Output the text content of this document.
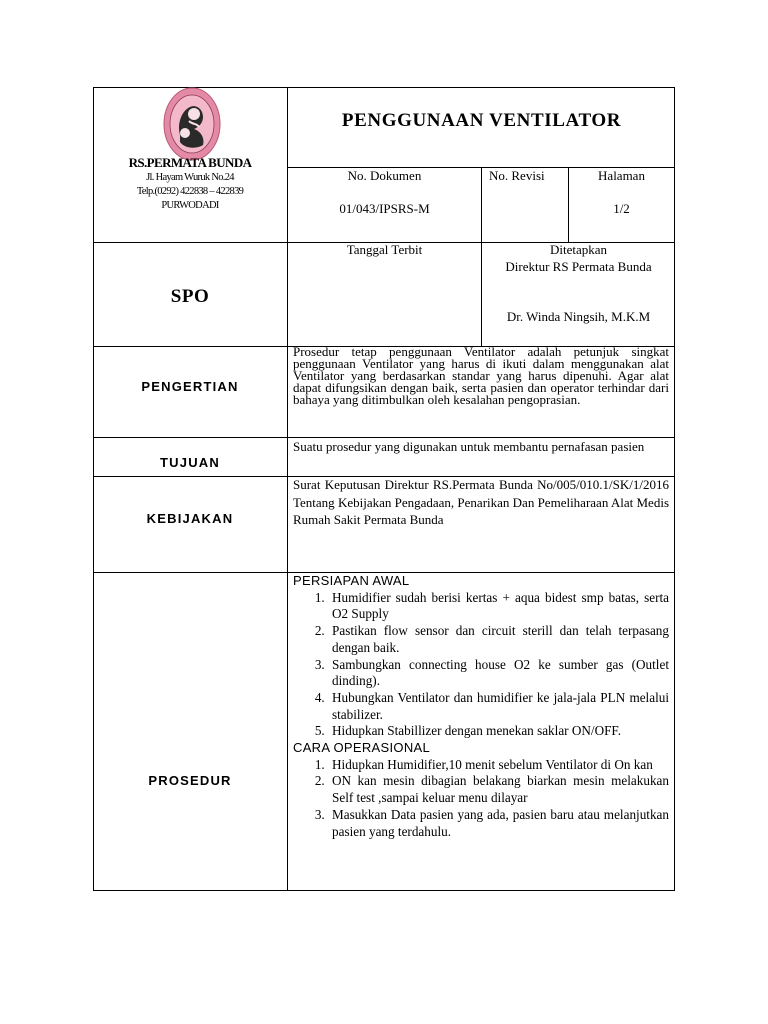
RS.PERMATA BUNDA
Jl. Hayam Wuruk No.24
Telp.(0292) 422838 – 422839
PURWODADI
PENGGUNAAN VENTILATOR
No. Dokumen
01/043/IPSRS-M
No. Revisi	Halaman
1/2
SPO
Tanggal Terbit	Ditetapkan
Direktur RS Permata Bunda
Dr. Winda Ningsih, M.K.M
PENGERTIAN
Prosedur tetap penggunaan Ventilator adalah petunjuk singkat penggunaan Ventilator yang harus di ikuti dalam menggunakan alat Ventilator yang berdasarkan standar yang harus dipenuhi. Agar alat dapat difungsikan dengan baik, serta pasien dan operator terhindar dari bahaya yang ditimbulkan oleh kesalahan pengoprasian.
TUJUAN
Suatu prosedur yang digunakan untuk membantu pernafasan pasien
KEBIJAKAN
Surat Keputusan Direktur RS.Permata Bunda No/005/010.1/SK/1/2016 Tentang Kebijakan Pengadaan, Penarikan Dan Pemeliharaan Alat Medis Rumah Sakit Permata Bunda
PROSEDUR
PERSIAPAN AWAL
1. Humidifier sudah berisi kertas + aqua bidest smp batas, serta O2 Supply
2. Pastikan flow sensor dan circuit sterill dan telah terpasang dengan baik.
3. Sambungkan connecting house O2 ke sumber gas (Outlet dinding).
4. Hubungkan Ventilator dan humidifier ke jala-jala PLN melalui stabilizer.
5. Hidupkan Stabillizer dengan menekan saklar ON/OFF.
CARA OPERASIONAL
1. Hidupkan Humidifier,10 menit sebelum Ventilator di On kan
2. ON kan mesin dibagian belakang biarkan mesin melakukan Self test ,sampai keluar menu dilayar
3. Masukkan Data pasien yang ada, pasien baru atau melanjutkan pasien yang terdahulu.
